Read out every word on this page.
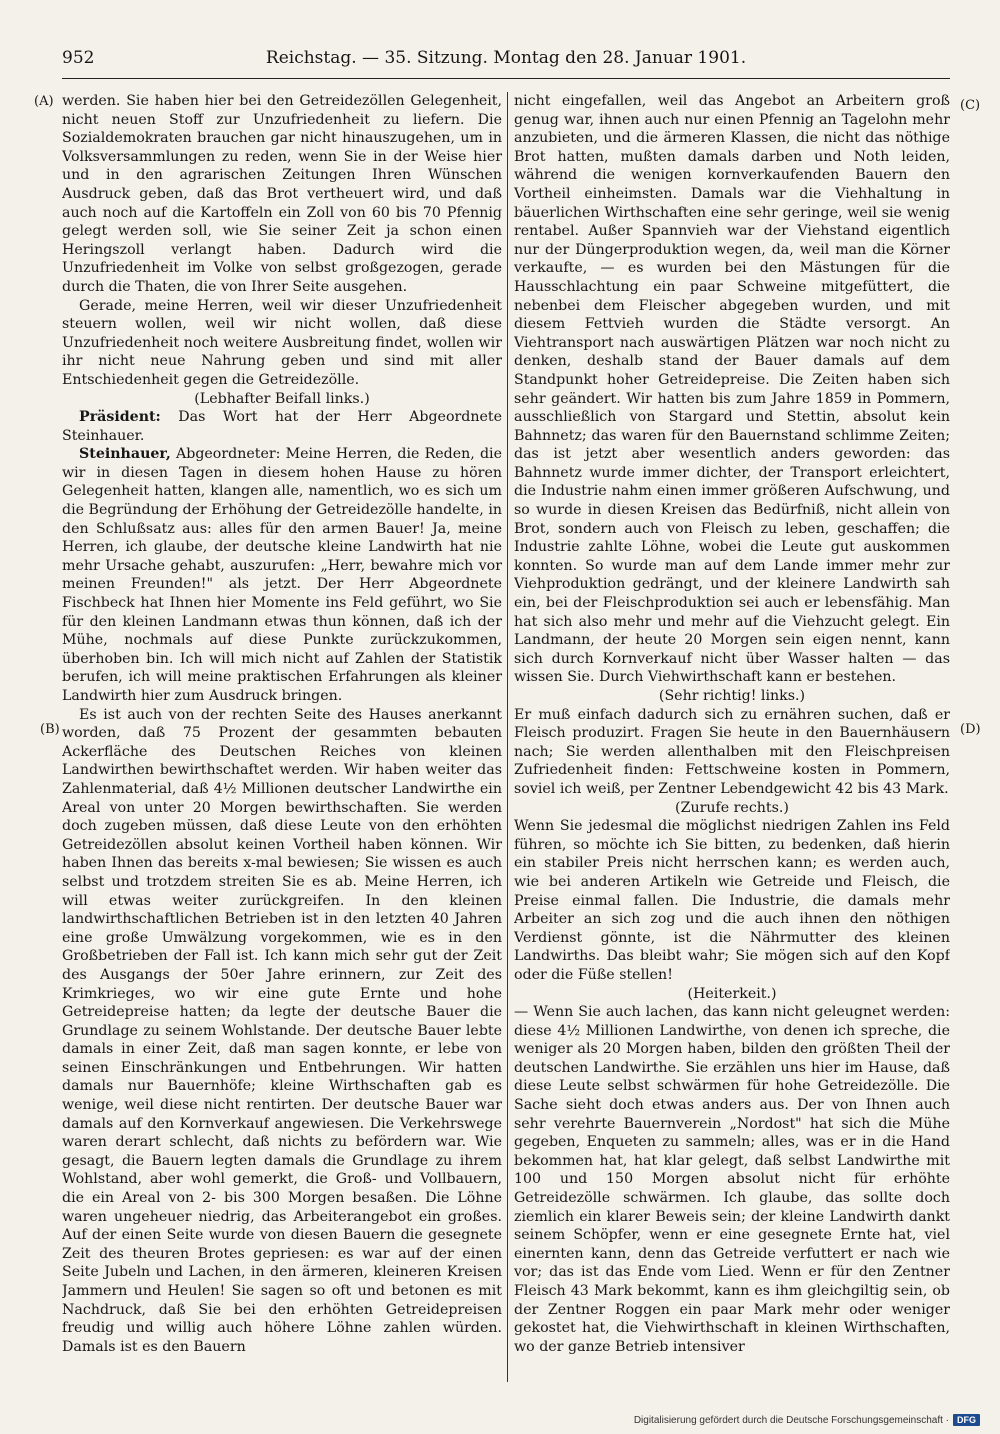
952	Reichstag. — 35. Sitzung. Montag den 28. Januar 1901.
(A)
(B)
(C)
(D)

werden. Sie haben hier bei den Getreidezöllen Gelegenheit, nicht neuen Stoff zur Unzufriedenheit zu liefern. Die Sozialdemokraten brauchen gar nicht hinauszugehen, um in Volksversammlungen zu reden, wenn Sie in der Weise hier und in den agrarischen Zeitungen Ihren Wünschen Ausdruck geben, daß das Brot vertheuert wird, und daß auch noch auf die Kartoffeln ein Zoll von 60 bis 70 Pfennig gelegt werden soll, wie Sie seiner Zeit ja schon einen Heringszoll verlangt haben. Dadurch wird die Unzufriedenheit im Volke von selbst großgezogen, gerade durch die Thaten, die von Ihrer Seite ausgehen.

Gerade, meine Herren, weil wir dieser Unzufriedenheit steuern wollen, weil wir nicht wollen, daß diese Unzufriedenheit noch weitere Ausbreitung findet, wollen wir ihr nicht neue Nahrung geben und sind mit aller Entschiedenheit gegen die Getreidezölle.

(Lebhafter Beifall links.)

Präsident: Das Wort hat der Herr Abgeordnete Steinhauer.

Steinhauer, Abgeordneter: Meine Herren, die Reden, die wir in diesen Tagen in diesem hohen Hause zu hören Gelegenheit hatten, klangen alle, namentlich, wo es sich um die Begründung der Erhöhung der Getreidezölle handelte, in den Schlußsatz aus: alles für den armen Bauer! Ja, meine Herren, ich glaube, der deutsche kleine Landwirth hat nie mehr Ursache gehabt, auszurufen: „Herr, bewahre mich vor meinen Freunden!" als jetzt. Der Herr Abgeordnete Fischbeck hat Ihnen hier Momente ins Feld geführt, wo Sie für den kleinen Landmann etwas thun können, daß ich der Mühe, nochmals auf diese Punkte zurückzukommen, überhoben bin. Ich will mich nicht auf Zahlen der Statistik berufen, ich will meine praktischen Erfahrungen als kleiner Landwirth hier zum Ausdruck bringen.

Es ist auch von der rechten Seite des Hauses anerkannt worden, daß 75 Prozent der gesammten bebauten Ackerfläche des Deutschen Reiches von kleinen Landwirthen bewirthschaftet werden. Wir haben weiter das Zahlenmaterial, daß 4½ Millionen deutscher Landwirthe ein Areal von unter 20 Morgen bewirthschaften. Sie werden doch zugeben müssen, daß diese Leute von den erhöhten Getreidezöllen absolut keinen Vortheil haben können. Wir haben Ihnen das bereits x-mal bewiesen; Sie wissen es auch selbst und trotzdem streiten Sie es ab. Meine Herren, ich will etwas weiter zurückgreifen. In den kleinen landwirthschaftlichen Betrieben ist in den letzten 40 Jahren eine große Umwälzung vorgekommen, wie es in den Großbetrieben der Fall ist. Ich kann mich sehr gut der Zeit des Ausgangs der 50er Jahre erinnern, zur Zeit des Krimkrieges, wo wir eine gute Ernte und hohe Getreidepreise hatten; da legte der deutsche Bauer die Grundlage zu seinem Wohlstande. Der deutsche Bauer lebte damals in einer Zeit, daß man sagen konnte, er lebe von seinen Einschränkungen und Entbehrungen. Wir hatten damals nur Bauernhöfe; kleine Wirthschaften gab es wenige, weil diese nicht rentirten. Der deutsche Bauer war damals auf den Kornverkauf angewiesen. Die Verkehrswege waren derart schlecht, daß nichts zu befördern war. Wie gesagt, die Bauern legten damals die Grundlage zu ihrem Wohlstand, aber wohl gemerkt, die Groß- und Vollbauern, die ein Areal von 2- bis 300 Morgen besaßen. Die Löhne waren ungeheuer niedrig, das Arbeiterangebot ein großes. Auf der einen Seite wurde von diesen Bauern die gesegnete Zeit des theuren Brotes gepriesen: es war auf der einen Seite Jubeln und Lachen, in den ärmeren, kleineren Kreisen Jammern und Heulen! Sie sagen so oft und betonen es mit Nachdruck, daß Sie bei den erhöhten Getreidepreisen freudig und willig auch höhere Löhne zahlen würden. Damals ist es den Bauern

nicht eingefallen, weil das Angebot an Arbeitern groß genug war, ihnen auch nur einen Pfennig an Tagelohn mehr anzubieten, und die ärmeren Klassen, die nicht das nöthige Brot hatten, mußten damals darben und Noth leiden, während die wenigen kornverkaufenden Bauern den Vortheil einheimsten. Damals war die Viehhaltung in bäuerlichen Wirthschaften eine sehr geringe, weil sie wenig rentabel. Außer Spannvieh war der Viehstand eigentlich nur der Düngerproduktion wegen, da, weil man die Körner verkaufte, — es wurden bei den Mästungen für die Hausschlachtung ein paar Schweine mitgefüttert, die nebenbei dem Fleischer abgegeben wurden, und mit diesem Fettvieh wurden die Städte versorgt. An Viehtransport nach auswärtigen Plätzen war noch nicht zu denken, deshalb stand der Bauer damals auf dem Standpunkt hoher Getreidepreise. Die Zeiten haben sich sehr geändert. Wir hatten bis zum Jahre 1859 in Pommern, ausschließlich von Stargard und Stettin, absolut kein Bahnnetz; das waren für den Bauernstand schlimme Zeiten; das ist jetzt aber wesentlich anders geworden: das Bahnnetz wurde immer dichter, der Transport erleichtert, die Industrie nahm einen immer größeren Aufschwung, und so wurde in diesen Kreisen das Bedürfniß, nicht allein von Brot, sondern auch von Fleisch zu leben, geschaffen; die Industrie zahlte Löhne, wobei die Leute gut auskommen konnten. So wurde man auf dem Lande immer mehr zur Viehproduktion gedrängt, und der kleinere Landwirth sah ein, bei der Fleischproduktion sei auch er lebensfähig. Man hat sich also mehr und mehr auf die Viehzucht gelegt. Ein Landmann, der heute 20 Morgen sein eigen nennt, kann sich durch Kornverkauf nicht über Wasser halten — das wissen Sie. Durch Viehwirthschaft kann er bestehen.

(Sehr richtig! links.)

Er muß einfach dadurch sich zu ernähren suchen, daß er Fleisch produzirt. Fragen Sie heute in den Bauernhäusern nach; Sie werden allenthalben mit den Fleischpreisen Zufriedenheit finden: Fettschweine kosten in Pommern, soviel ich weiß, per Zentner Lebendgewicht 42 bis 43 Mark.

(Zurufe rechts.)

Wenn Sie jedesmal die möglichst niedrigen Zahlen ins Feld führen, so möchte ich Sie bitten, zu bedenken, daß hierin ein stabiler Preis nicht herrschen kann; es werden auch, wie bei anderen Artikeln wie Getreide und Fleisch, die Preise einmal fallen. Die Industrie, die damals mehr Arbeiter an sich zog und die auch ihnen den nöthigen Verdienst gönnte, ist die Nährmutter des kleinen Landwirths. Das bleibt wahr; Sie mögen sich auf den Kopf oder die Füße stellen!

(Heiterkeit.)

— Wenn Sie auch lachen, das kann nicht geleugnet werden: diese 4½ Millionen Landwirthe, von denen ich spreche, die weniger als 20 Morgen haben, bilden den größten Theil der deutschen Landwirthe. Sie erzählen uns hier im Hause, daß diese Leute selbst schwärmen für hohe Getreidezölle. Die Sache sieht doch etwas anders aus. Der von Ihnen auch sehr verehrte Bauernverein „Nordost" hat sich die Mühe gegeben, Enqueten zu sammeln; alles, was er in die Hand bekommen hat, hat klar gelegt, daß selbst Landwirthe mit 100 und 150 Morgen absolut nicht für erhöhte Getreidezölle schwärmen. Ich glaube, das sollte doch ziemlich ein klarer Beweis sein; der kleine Landwirth dankt seinem Schöpfer, wenn er eine gesegnete Ernte hat, viel einernten kann, denn das Getreide verfuttert er nach wie vor; das ist das Ende vom Lied. Wenn er für den Zentner Fleisch 43 Mark bekommt, kann es ihm gleichgiltig sein, ob der Zentner Roggen ein paar Mark mehr oder weniger gekostet hat, die Viehwirthschaft in kleinen Wirthschaften, wo der ganze Betrieb intensiver

Digitalisierung gefördert durch die Deutsche Forschungsgemeinschaft · DFG
